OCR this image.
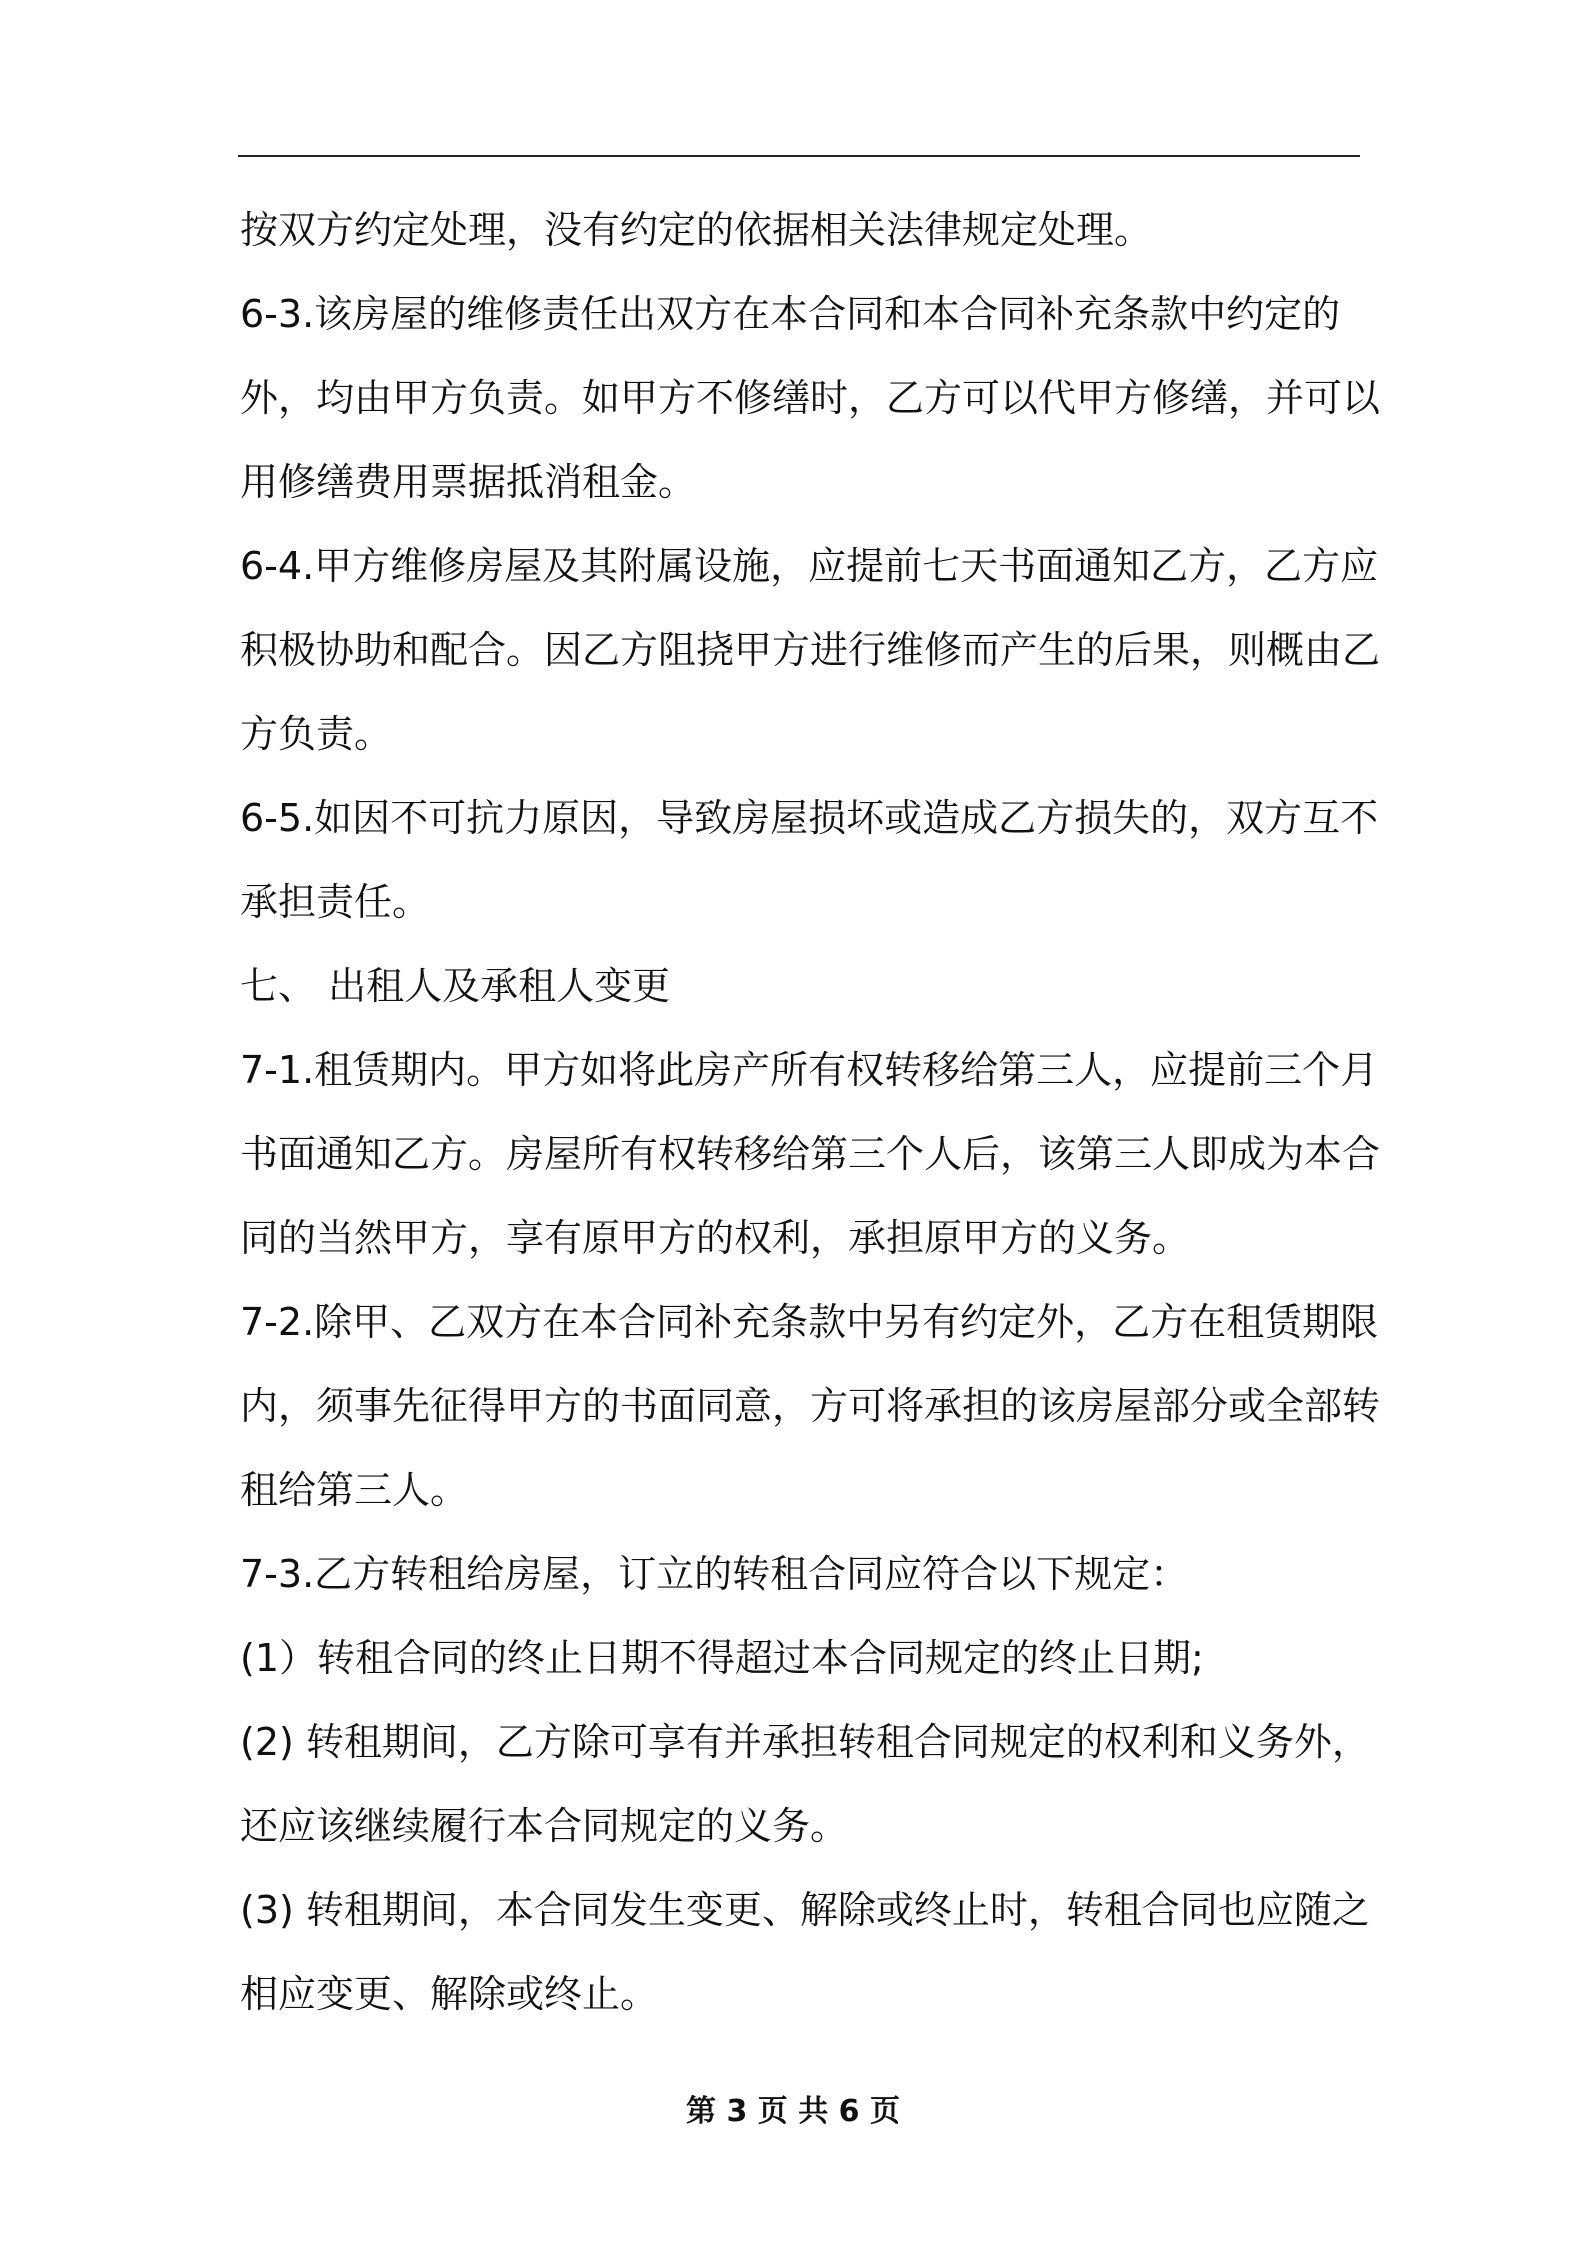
按双方约定处理，没有约定的依据相关法律规定处理。
6-3.该房屋的维修责任出双方在本合同和本合同补充条款中约定的
外，均由甲方负责。如甲方不修缮时，乙方可以代甲方修缮，并可以
用修缮费用票据抵消租金。
6-4.甲方维修房屋及其附属设施，应提前七天书面通知乙方，乙方应
积极协助和配合。因乙方阻挠甲方进行维修而产生的后果，则概由乙
方负责。
6-5.如因不可抗力原因，导致房屋损坏或造成乙方损失的，双方互不
承担责任。
七、 出租人及承租人变更
7-1.租赁期内。甲方如将此房产所有权转移给第三人，应提前三个月
书面通知乙方。房屋所有权转移给第三个人后，该第三人即成为本合
同的当然甲方，享有原甲方的权利，承担原甲方的义务。
7-2.除甲、乙双方在本合同补充条款中另有约定外，乙方在租赁期限
内，须事先征得甲方的书面同意，方可将承担的该房屋部分或全部转
租给第三人。
7-3.乙方转租给房屋，订立的转租合同应符合以下规定：
(1）转租合同的终止日期不得超过本合同规定的终止日期;
(2) 转租期间，乙方除可享有并承担转租合同规定的权利和义务外，
还应该继续履行本合同规定的义务。
(3) 转租期间，本合同发生变更、解除或终止时，转租合同也应随之
相应变更、解除或终止。
第 3 页 共 6 页
